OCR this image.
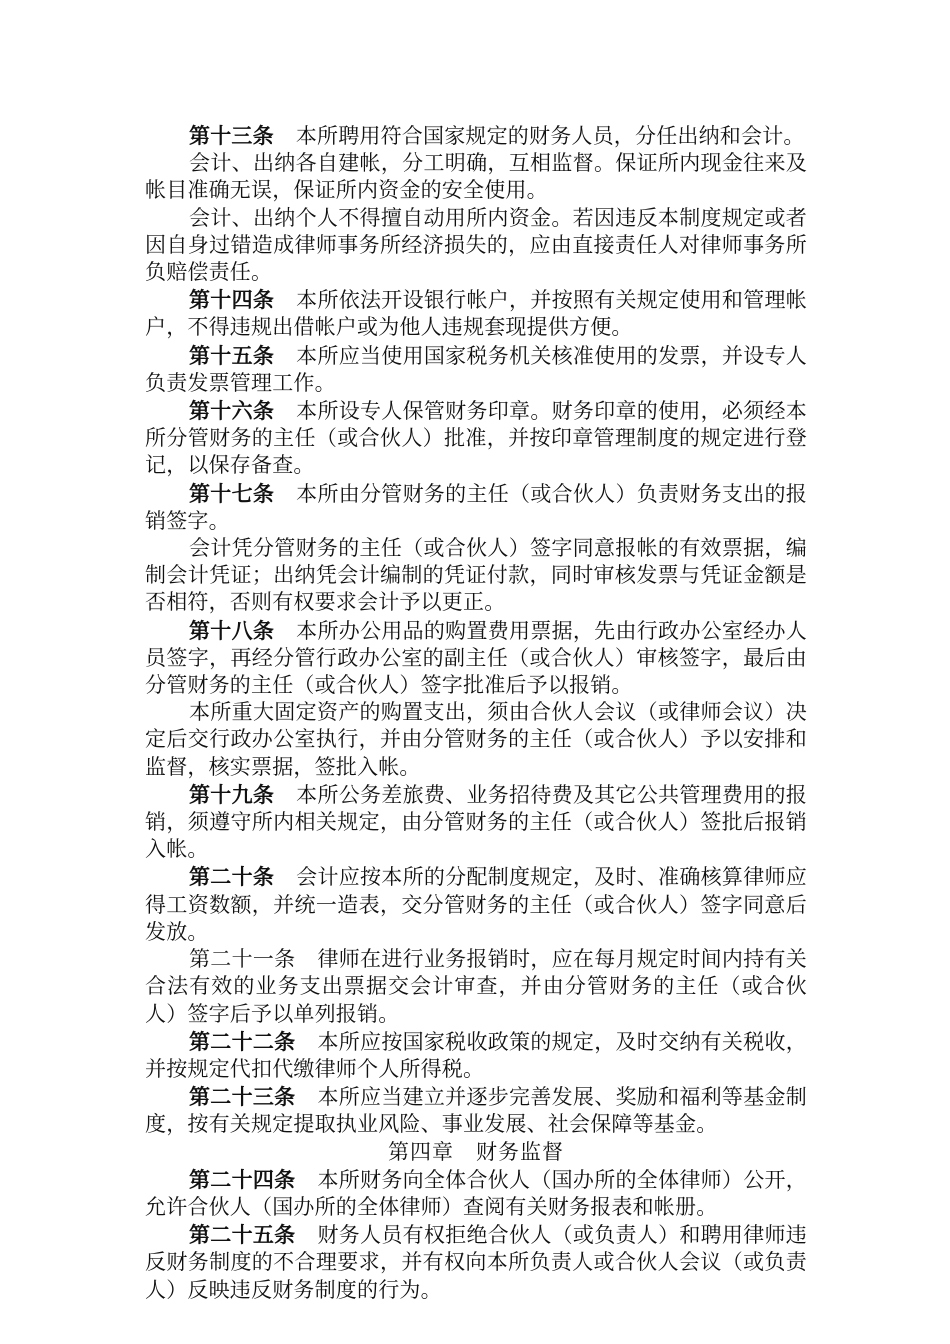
第十三条 本所聘用符合国家规定的财务人员，分任出纳和会计。

会计、出纳各自建帐，分工明确，互相监督。保证所内现金往来及帐目准确无误，保证所内资金的安全使用。

会计、出纳个人不得擅自动用所内资金。若因违反本制度规定或者因自身过错造成律师事务所经济损失的，应由直接责任人对律师事务所负赔偿责任。

第十四条 本所依法开设银行帐户，并按照有关规定使用和管理帐户，不得违规出借帐户或为他人违规套现提供方便。

第十五条 本所应当使用国家税务机关核准使用的发票，并设专人负责发票管理工作。

第十六条 本所设专人保管财务印章。财务印章的使用，必须经本所分管财务的主任（或合伙人）批准，并按印章管理制度的规定进行登记，以保存备查。

第十七条 本所由分管财务的主任（或合伙人）负责财务支出的报销签字。

会计凭分管财务的主任（或合伙人）签字同意报帐的有效票据，编制会计凭证；出纳凭会计编制的凭证付款，同时审核发票与凭证金额是否相符，否则有权要求会计予以更正。

第十八条 本所办公用品的购置费用票据，先由行政办公室经办人员签字，再经分管行政办公室的副主任（或合伙人）审核签字，最后由分管财务的主任（或合伙人）签字批准后予以报销。

本所重大固定资产的购置支出，须由合伙人会议（或律师会议）决定后交行政办公室执行，并由分管财务的主任（或合伙人）予以安排和监督，核实票据，签批入帐。

第十九条 本所公务差旅费、业务招待费及其它公共管理费用的报销，须遵守所内相关规定，由分管财务的主任（或合伙人）签批后报销入帐。

第二十条 会计应按本所的分配制度规定，及时、准确核算律师应得工资数额，并统一造表，交分管财务的主任（或合伙人）签字同意后发放。

第二十一条 律师在进行业务报销时，应在每月规定时间内持有关合法有效的业务支出票据交会计审查，并由分管财务的主任（或合伙人）签字后予以单列报销。

第二十二条 本所应按国家税收政策的规定，及时交纳有关税收，并按规定代扣代缴律师个人所得税。

第二十三条 本所应当建立并逐步完善发展、奖励和福利等基金制度，按有关规定提取执业风险、事业发展、社会保障等基金。

第四章　财务监督

第二十四条 本所财务向全体合伙人（国办所的全体律师）公开，允许合伙人（国办所的全体律师）查阅有关财务报表和帐册。

第二十五条 财务人员有权拒绝合伙人（或负责人）和聘用律师违反财务制度的不合理要求，并有权向本所负责人或合伙人会议（或负责人）反映违反财务制度的行为。
